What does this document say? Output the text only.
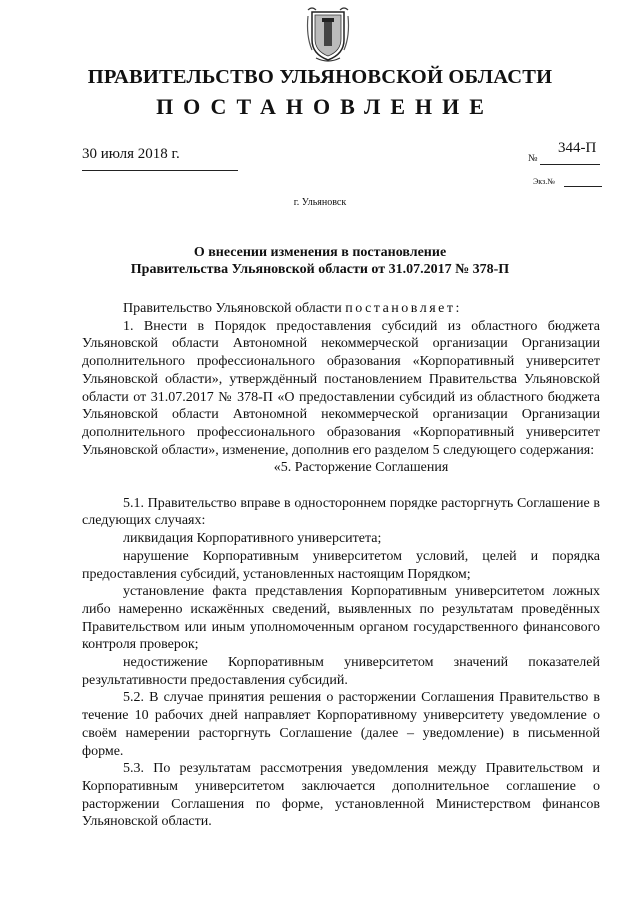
ПРАВИТЕЛЬСТВО УЛЬЯНОВСКОЙ ОБЛАСТИ
ПОСТАНОВЛЕНИЕ
30 июля 2018 г.	№
344-П
Экз.№
г. Ульяновск
О внесении изменения в постановление
Правительства Ульяновской области от 31.07.2017 № 378-П

Правительство Ульяновской области постановляет:

1. Внести в Порядок предоставления субсидий из областного бюджета Ульяновской области Автономной некоммерческой организации Организации дополнительного профессионального образования «Корпоративный университет Ульяновской области», утверждённый постановлением Правительства Ульяновской области от 31.07.2017 № 378-П «О предоставлении субсидий из областного бюджета Ульяновской области Автономной некоммерческой организации Организации дополнительного профессионального образования «Корпоративный университет Ульяновской области», изменение, дополнив его разделом 5 следующего содержания:

«5. Расторжение Соглашения

5.1. Правительство вправе в одностороннем порядке расторгнуть Соглашение в следующих случаях:

ликвидация Корпоративного университета;

нарушение Корпоративным университетом условий, целей и порядка предоставления субсидий, установленных настоящим Порядком;

установление факта представления Корпоративным университетом ложных либо намеренно искажённых сведений, выявленных по результатам проведённых Правительством или иным уполномоченным органом государственного финансового контроля проверок;

недостижение Корпоративным университетом значений показателей результативности предоставления субсидий.

5.2. В случае принятия решения о расторжении Соглашения Правительство в течение 10 рабочих дней направляет Корпоративному университету уведомление о своём намерении расторгнуть Соглашение (далее – уведомление) в письменной форме.

5.3. По результатам рассмотрения уведомления между Правительством и Корпоративным университетом заключается дополнительное соглашение о расторжении Соглашения по форме, установленной Министерством финансов Ульяновской области.
